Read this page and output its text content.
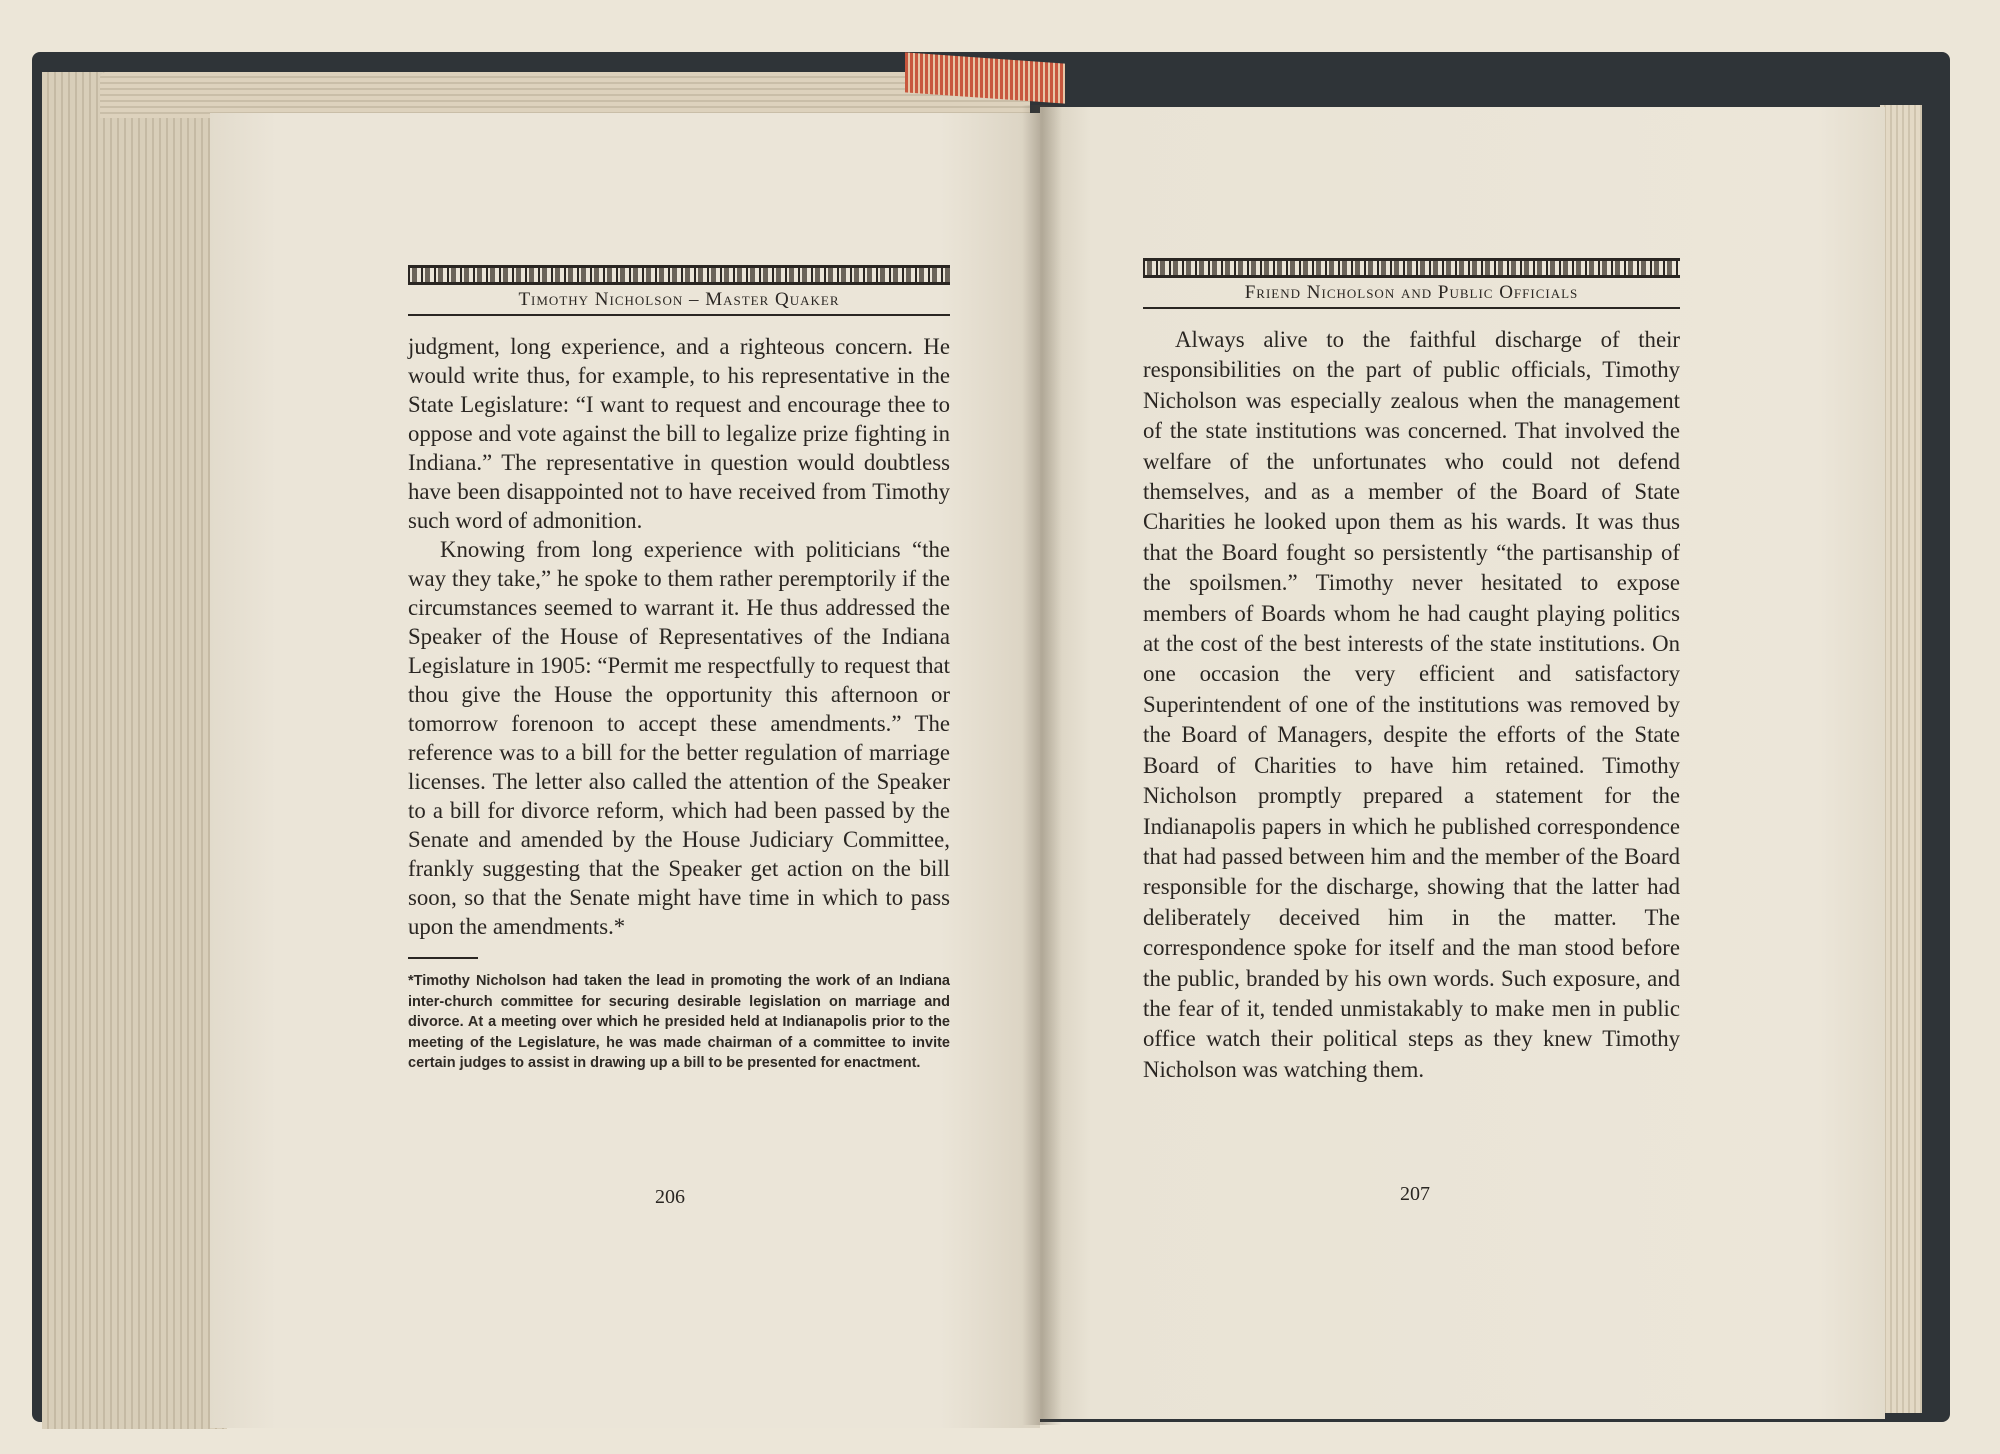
Timothy Nicholson – Master Quaker

judgment, long experience, and a righteous concern. He would write thus, for example, to his representative in the State Legislature: “I want to request and encourage thee to oppose and vote against the bill to legalize prize fighting in Indiana.” The representative in question would doubtless have been disappointed not to have received from Timothy such word of admonition.

Knowing from long experience with politicians “the way they take,” he spoke to them rather peremptorily if the circumstances seemed to warrant it. He thus addressed the Speaker of the House of Representatives of the Indiana Legislature in 1905: “Permit me respectfully to request that thou give the House the opportunity this afternoon or tomorrow forenoon to accept these amendments.” The reference was to a bill for the better regulation of marriage licenses. The letter also called the attention of the Speaker to a bill for divorce reform, which had been passed by the Senate and amended by the House Judiciary Committee, frankly suggesting that the Speaker get action on the bill soon, so that the Senate might have time in which to pass upon the amendments.*

*Timothy Nicholson had taken the lead in promoting the work of an Indiana inter-church committee for securing desirable legislation on marriage and divorce. At a meeting over which he presided held at Indianapolis prior to the meeting of the Legislature, he was made chairman of a committee to invite certain judges to assist in drawing up a bill to be presented for enactment.

206
Friend Nicholson and Public Officials

Always alive to the faithful discharge of their responsibilities on the part of public officials, Timothy Nicholson was especially zealous when the management of the state institutions was concerned. That involved the welfare of the unfortunates who could not defend themselves, and as a member of the Board of State Charities he looked upon them as his wards. It was thus that the Board fought so persistently “the partisanship of the spoilsmen.” Timothy never hesitated to expose members of Boards whom he had caught playing politics at the cost of the best interests of the state institutions. On one occasion the very efficient and satisfactory Superintendent of one of the institutions was removed by the Board of Managers, despite the efforts of the State Board of Charities to have him retained. Timothy Nicholson promptly prepared a statement for the Indianapolis papers in which he published correspondence that had passed between him and the member of the Board responsible for the discharge, showing that the latter had deliberately deceived him in the matter. The correspondence spoke for itself and the man stood before the public, branded by his own words. Such exposure, and the fear of it, tended unmistakably to make men in public office watch their political steps as they knew Timothy Nicholson was watching them.

207
